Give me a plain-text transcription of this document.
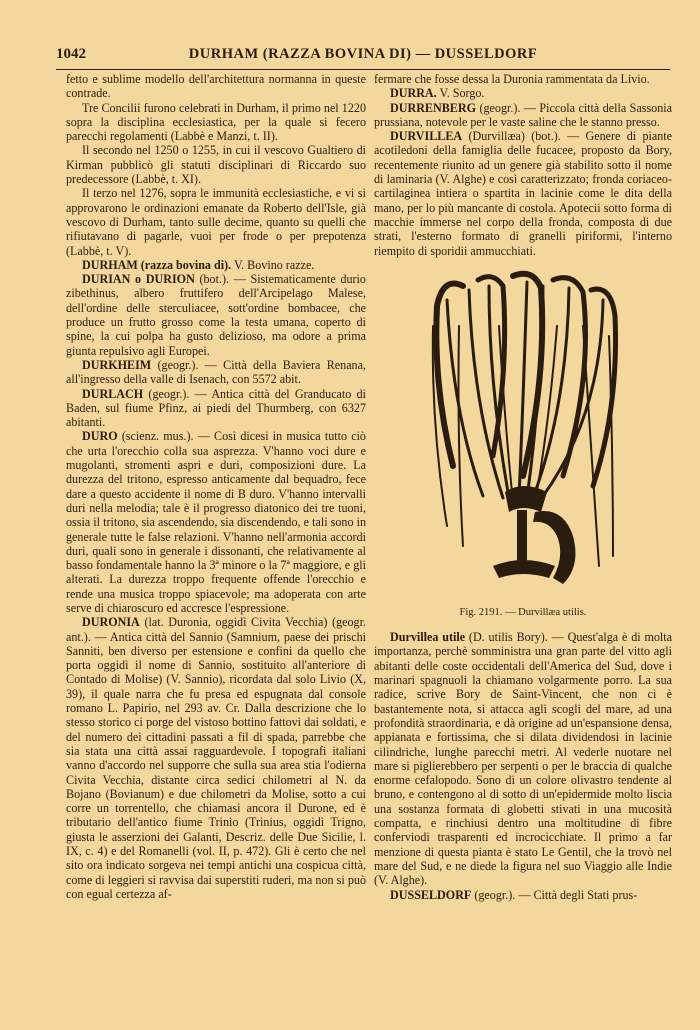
1042	DURHAM (RAZZA BOVINA DI) — DUSSELDORF

fetto e sublime modello dell'architettura normanna in queste contrade.

Tre Concilii furono celebrati in Durham, il primo nel 1220 sopra la disciplina ecclesiastica, per la quale si fecero parecchi regolamenti (Labbè e Manzi, t. II).

Il secondo nel 1250 o 1255, in cui il vescovo Gualtiero di Kirman pubblicò gli statuti disciplinari di Riccardo suo predecessore (Labbè, t. XI).

Il terzo nel 1276, sopra le immunità ecclesiastiche, e vi si approvarono le ordinazioni emanate da Roberto dell'Isle, già vescovo di Durham, tanto sulle decime, quanto su quelli che rifiutavano di pagarle, vuoi per frode o per prepotenza (Labbè, t. V).

DURHAM (razza bovina di). V. Bovino razze.

DURIAN o DURION (bot.). — Sistematicamente durio zibethinus, albero fruttifero dell'Arcipelago Malese, dell'ordine delle sterculiacee, sott'ordine bombacee, che produce un frutto grosso come la testa umana, coperto di spine, la cui polpa ha gusto delizioso, ma odore a prima giunta repulsivo agli Europei.

DURKHEIM (geogr.). — Città della Baviera Renana, all'ingresso della valle di Isenach, con 5572 abit.

DURLACH (geogr.). — Antica città del Granducato di Baden, sul fiume Pfinz, ai piedi del Thurmberg, con 6327 abitanti.

DURO (scienz. mus.). — Così dicesi in musica tutto ciò che urta l'orecchio colla sua asprezza. V'hanno voci dure e mugolanti, stromenti aspri e duri, composizioni dure. La durezza del tritono, espresso anticamente dal bequadro, fece dare a questo accidente il nome di B duro. V'hanno intervalli duri nella melodia; tale è il progresso diatonico dei tre tuoni, ossia il tritono, sia ascendendo, sia discendendo, e tali sono in generale tutte le false relazioni. V'hanno nell'armonia accordi duri, quali sono in generale i dissonanti, che relativamente al basso fondamentale hanno la 3ª minore o la 7ª maggiore, e gli alterati. La durezza troppo frequente offende l'orecchio e rende una musica troppo spiacevole; ma adoperata con arte serve di chiaroscuro ed accresce l'espressione.

DURONIA (lat. Duronia, oggidì Civita Vecchia) (geogr. ant.). — Antica città del Sannio (Samnium, paese dei prischi Sanniti, ben diverso per estensione e confini da quello che porta oggidì il nome di Sannio, sostituito all'anteriore di Contado di Molise) (V. Sannio), ricordata dal solo Livio (X, 39), il quale narra che fu presa ed espugnata dal console romano L. Papirio, nel 293 av. Cr. Dalla descrizione che lo stesso storico ci porge del vistoso bottino fattovi dai soldati, e del numero dei cittadini passati a fil di spada, parrebbe che sia stata una città assai ragguardevole. I topografi italiani vanno d'accordo nel supporre che sulla sua area stia l'odierna Civita Vecchia, distante circa sedici chilometri al N. da Bojano (Bovianum) e due chilometri da Molise, sotto a cui corre un torrentello, che chiamasi ancora il Durone, ed è tributario dell'antico fiume Trinio (Trinius, oggidì Trigno, giusta le asserzioni dei Galanti, Descriz. delle Due Sicilie, l. IX, c. 4) e del Romanelli (vol. II, p. 472). Gli è certo che nel sito ora indicato sorgeva nei tempi antichi una cospicua città, come di leggieri si ravvisa dai superstiti ruderi, ma non si può con egual certezza af-

fermare che fosse dessa la Duronia rammentata da Livio.

DURRA. V. Sorgo.

DURRENBERG (geogr.). — Piccola città della Sassonia prussiana, notevole per le vaste saline che le stanno presso.

DURVILLEA (Durvillæa) (bot.). — Genere di piante acotiledoni della famiglia delle fucacee, proposto da Bory, recentemente riunito ad un genere già stabilito sotto il nome di laminaria (V. Alghe) e così caratterizzato; fronda coriaceo-cartilaginea intiera o spartita in lacinie come le dita della mano, per lo più mancante di costola. Apotecii sotto forma di macchie immerse nel corpo della fronda, composta di due strati, l'esterno formato di granelli piriformi, l'interno riempito di sporidii ammucchiati.

Fig. 2191. — Durvillæa utilis.

Durvillea utile (D. utilis Bory). — Quest'alga è di molta importanza, perchè somministra una gran parte del vitto agli abitanti delle coste occidentali dell'America del Sud, dove i marinari spagnuoli la chiamano volgarmente porro. La sua radice, scrive Bory de Saint-Vincent, che non ci è bastantemente nota, si attacca agli scogli del mare, ad una profondità straordinaria, e dà origine ad un'espansione densa, appianata e fortissima, che si dilata dividendosi in lacinie cilindriche, lunghe parecchi metri. Al vederle nuotare nel mare si piglierebbero per serpenti o per le braccia di qualche enorme cefalopodo. Sono di un colore olivastro tendente al bruno, e contengono al di sotto di un'epidermide molto liscia una sostanza formata di globetti stivati in una mucosità compatta, e rinchiusi dentro una moltitudine di fibre conferviodi trasparenti ed incrocicchiate. Il primo a far menzione di questa pianta è stato Le Gentil, che la trovò nel mare del Sud, e ne diede la figura nel suo Viaggio alle Indie (V. Alghe).

DUSSELDORF (geogr.). — Città degli Stati prus-
